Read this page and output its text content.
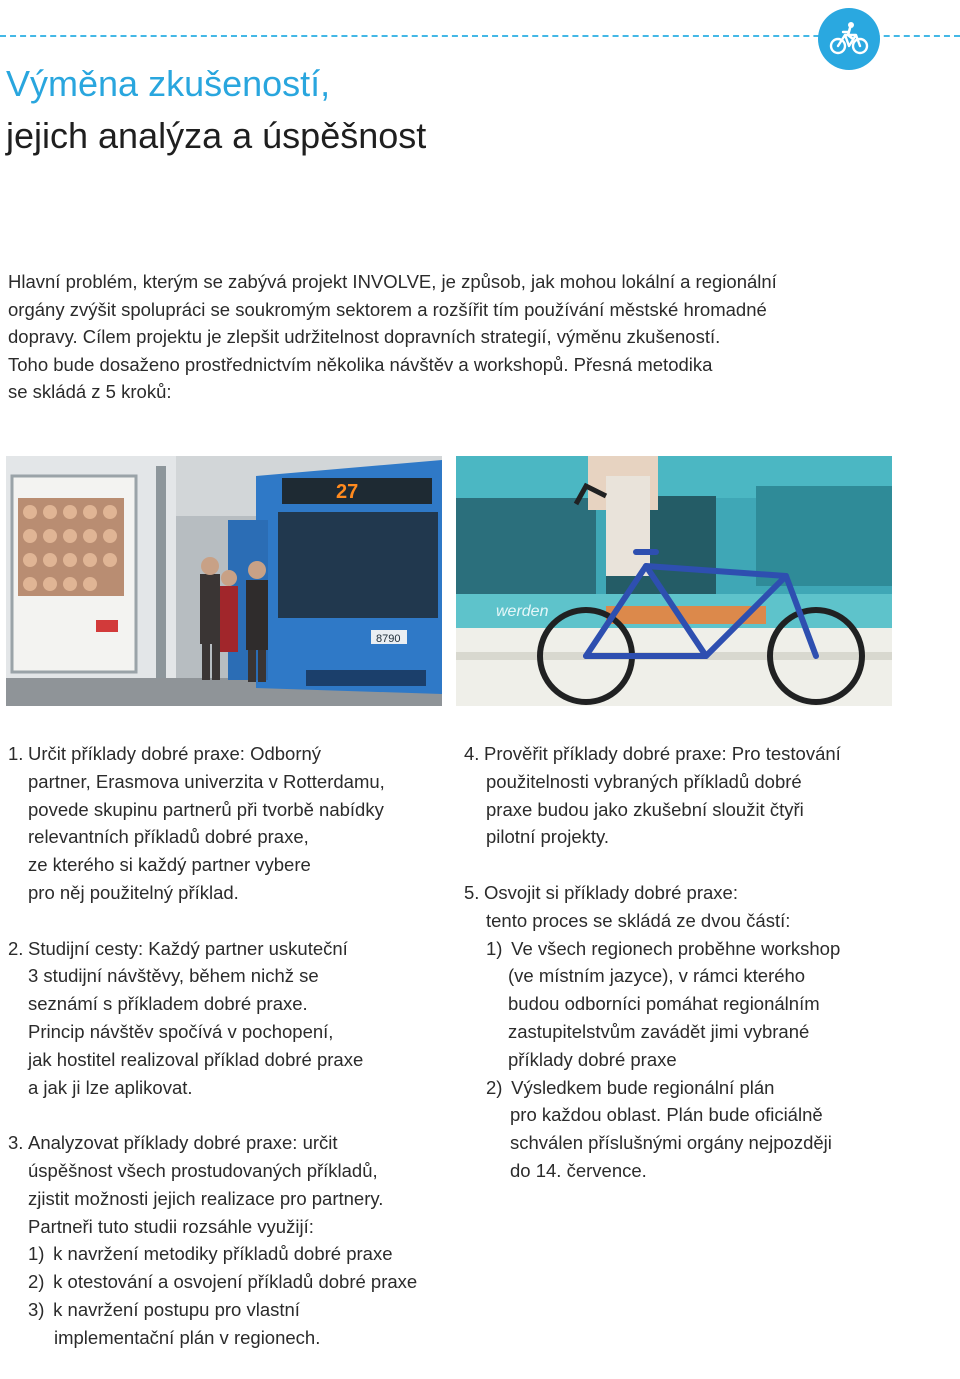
Výměna zkušeností,
jejich analýza a úspěšnost

Hlavní problém, kterým se zabývá projekt INVOLVE, je způsob, jak mohou lokální a regionální
orgány zvýšit spolupráci se soukromým sektorem a rozšířit tím používání městské hromadné
dopravy. Cílem projektu je zlepšit udržitelnost dopravních strategií, výměnu zkušeností.
Toho bude dosaženo prostřednictvím několika návštěv a workshopů. Přesná metodika
se skládá z 5 kroků:

27
8790
werden
1. Určit příklady dobré praxe: Odborný
partner, Erasmova univerzita v Rotterdamu,
povede skupinu partnerů při tvorbě nabídky
relevantních příkladů dobré praxe,
ze kterého si každý partner vybere
pro něj použitelný příklad.
2. Studijní cesty: Každý partner uskuteční
3 studijní návštěvy, během nichž se
seznámí s příkladem dobré praxe.
Princip návštěv spočívá v pochopení,
jak hostitel realizoval příklad dobré praxe
a jak ji lze aplikovat.
3. Analyzovat příklady dobré praxe: určit
úspěšnost všech prostudovaných příkladů,
zjistit možnosti jejich realizace pro partnery.
Partneři tuto studii rozsáhle využijí:
1) k navržení metodiky příkladů dobré praxe
2) k otestování a osvojení příkladů dobré praxe
3) k navržení postupu pro vlastní
implementační plán v regionech.
4. Prověřit příklady dobré praxe: Pro testování
použitelnosti vybraných příkladů dobré
praxe budou jako zkušební sloužit čtyři
pilotní projekty.
5. Osvojit si příklady dobré praxe:
tento proces se skládá ze dvou částí:
1) Ve všech regionech proběhne workshop
(ve místním jazyce), v rámci kterého
budou odborníci pomáhat regionálním
zastupitelstvům zavádět jimi vybrané
příklady dobré praxe
2) Výsledkem bude regionální plán
pro každou oblast. Plán bude oficiálně
schválen příslušnými orgány nejpozději
do 14. července.
